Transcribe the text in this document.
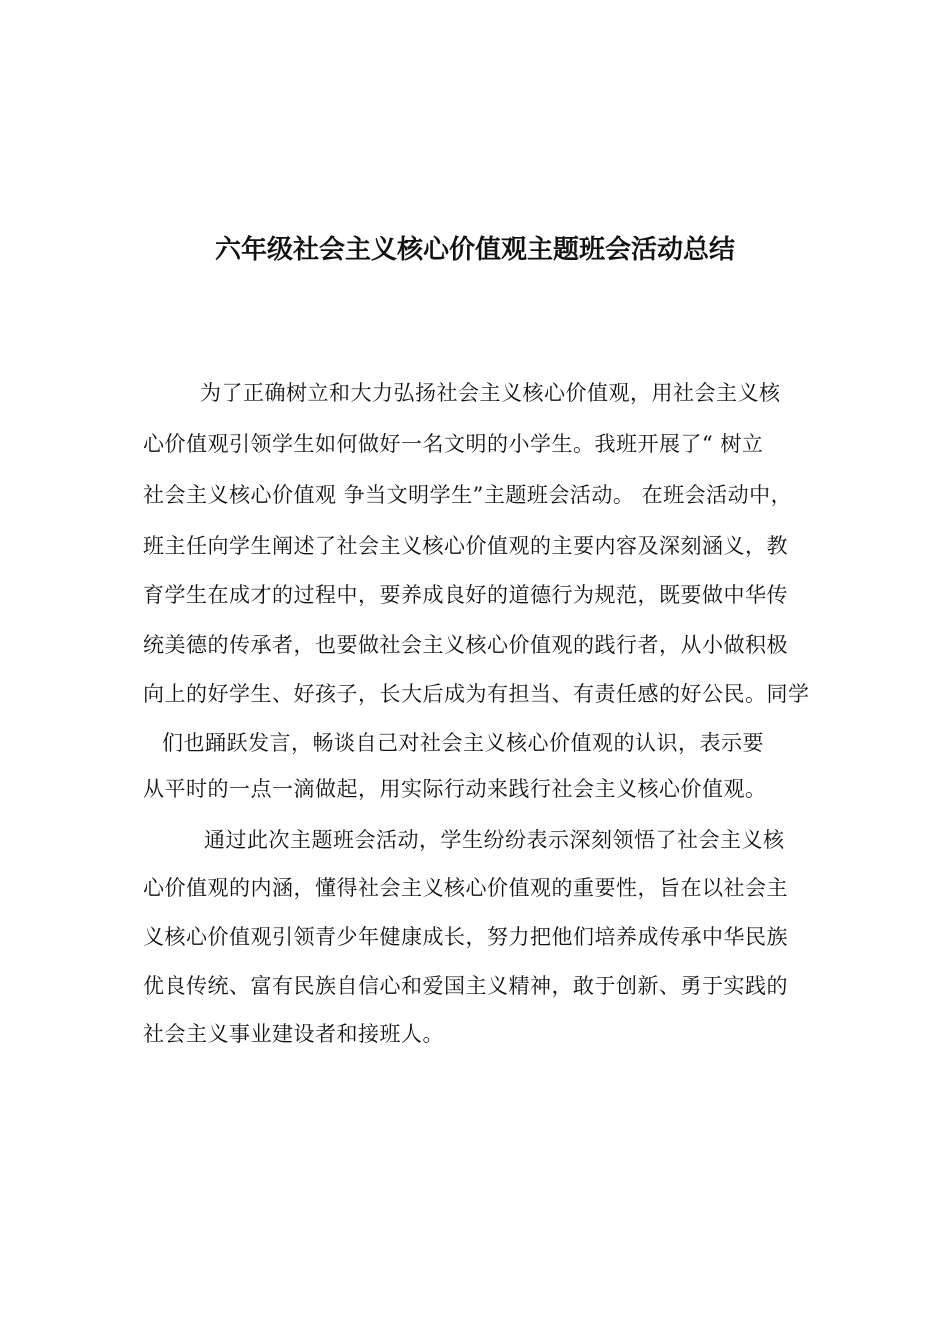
六年级社会主义核心价值观主题班会活动总结
为了正确树立和大力弘扬社会主义核心价值观，用社会主义核
心价值观引领学生如何做好一名文明的小学生。我班开展了“ 树立
社会主义核心价值观 争当文明学生”主题班会活动。 在班会活动中，
班主任向学生阐述了社会主义核心价值观的主要内容及深刻涵义，教
育学生在成才的过程中，要养成良好的道德行为规范，既要做中华传
统美德的传承者，也要做社会主义核心价值观的践行者，从小做积极
向上的好学生、好孩子，长大后成为有担当、有责任感的好公民。同学
们也踊跃发言，畅谈自己对社会主义核心价值观的认识，表示要
从平时的一点一滴做起，用实际行动来践行社会主义核心价值观。
通过此次主题班会活动，学生纷纷表示深刻领悟了社会主义核
心价值观的内涵，懂得社会主义核心价值观的重要性，旨在以社会主
义核心价值观引领青少年健康成长，努力把他们培养成传承中华民族
优良传统、富有民族自信心和爱国主义精神，敢于创新、勇于实践的
社会主义事业建设者和接班人。
